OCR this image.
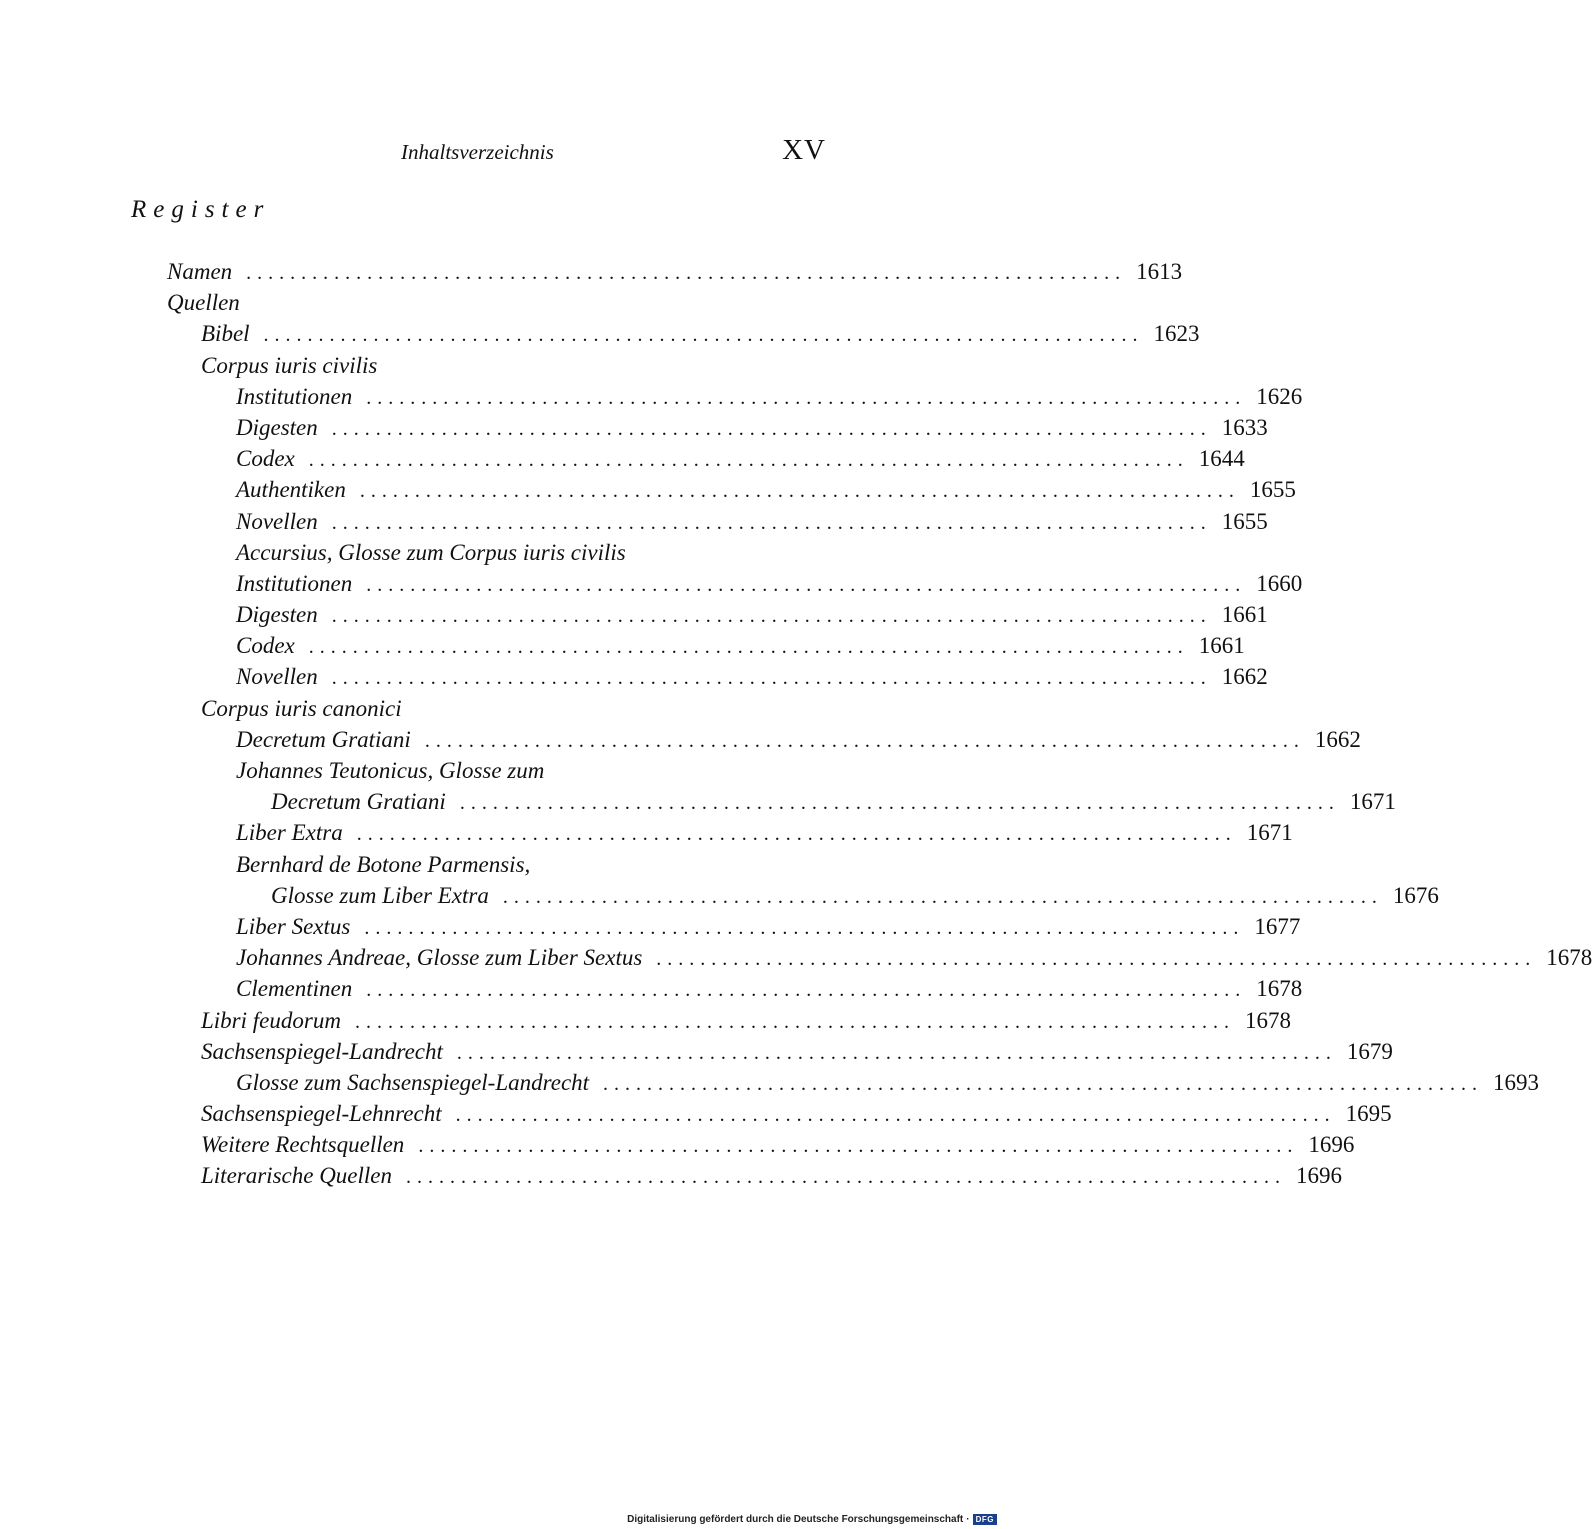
Inhaltsverzeichnis	XV
Register
Namen ................................................................................ 1613
Quellen
Bibel ................................................................................ 1623
Corpus iuris civilis
Institutionen ................................................................................ 1626
Digesten ................................................................................ 1633
Codex ................................................................................ 1644
Authentiken ................................................................................ 1655
Novellen ................................................................................ 1655
Accursius, Glosse zum Corpus iuris civilis
Institutionen ................................................................................ 1660
Digesten ................................................................................ 1661
Codex ................................................................................ 1661
Novellen ................................................................................ 1662
Corpus iuris canonici
Decretum Gratiani ................................................................................ 1662
Johannes Teutonicus, Glosse zum
Decretum Gratiani ................................................................................ 1671
Liber Extra ................................................................................ 1671
Bernhard de Botone Parmensis,
Glosse zum Liber Extra ................................................................................ 1676
Liber Sextus ................................................................................ 1677
Johannes Andreae, Glosse zum Liber Sextus ................................................................................ 1678
Clementinen ................................................................................ 1678
Libri feudorum ................................................................................ 1678
Sachsenspiegel-Landrecht ................................................................................ 1679
Glosse zum Sachsenspiegel-Landrecht ................................................................................ 1693
Sachsenspiegel-Lehnrecht ................................................................................ 1695
Weitere Rechtsquellen ................................................................................ 1696
Literarische Quellen ................................................................................ 1696
Digitalisierung gefördert durch die Deutsche Forschungsgemeinschaft · DFG
